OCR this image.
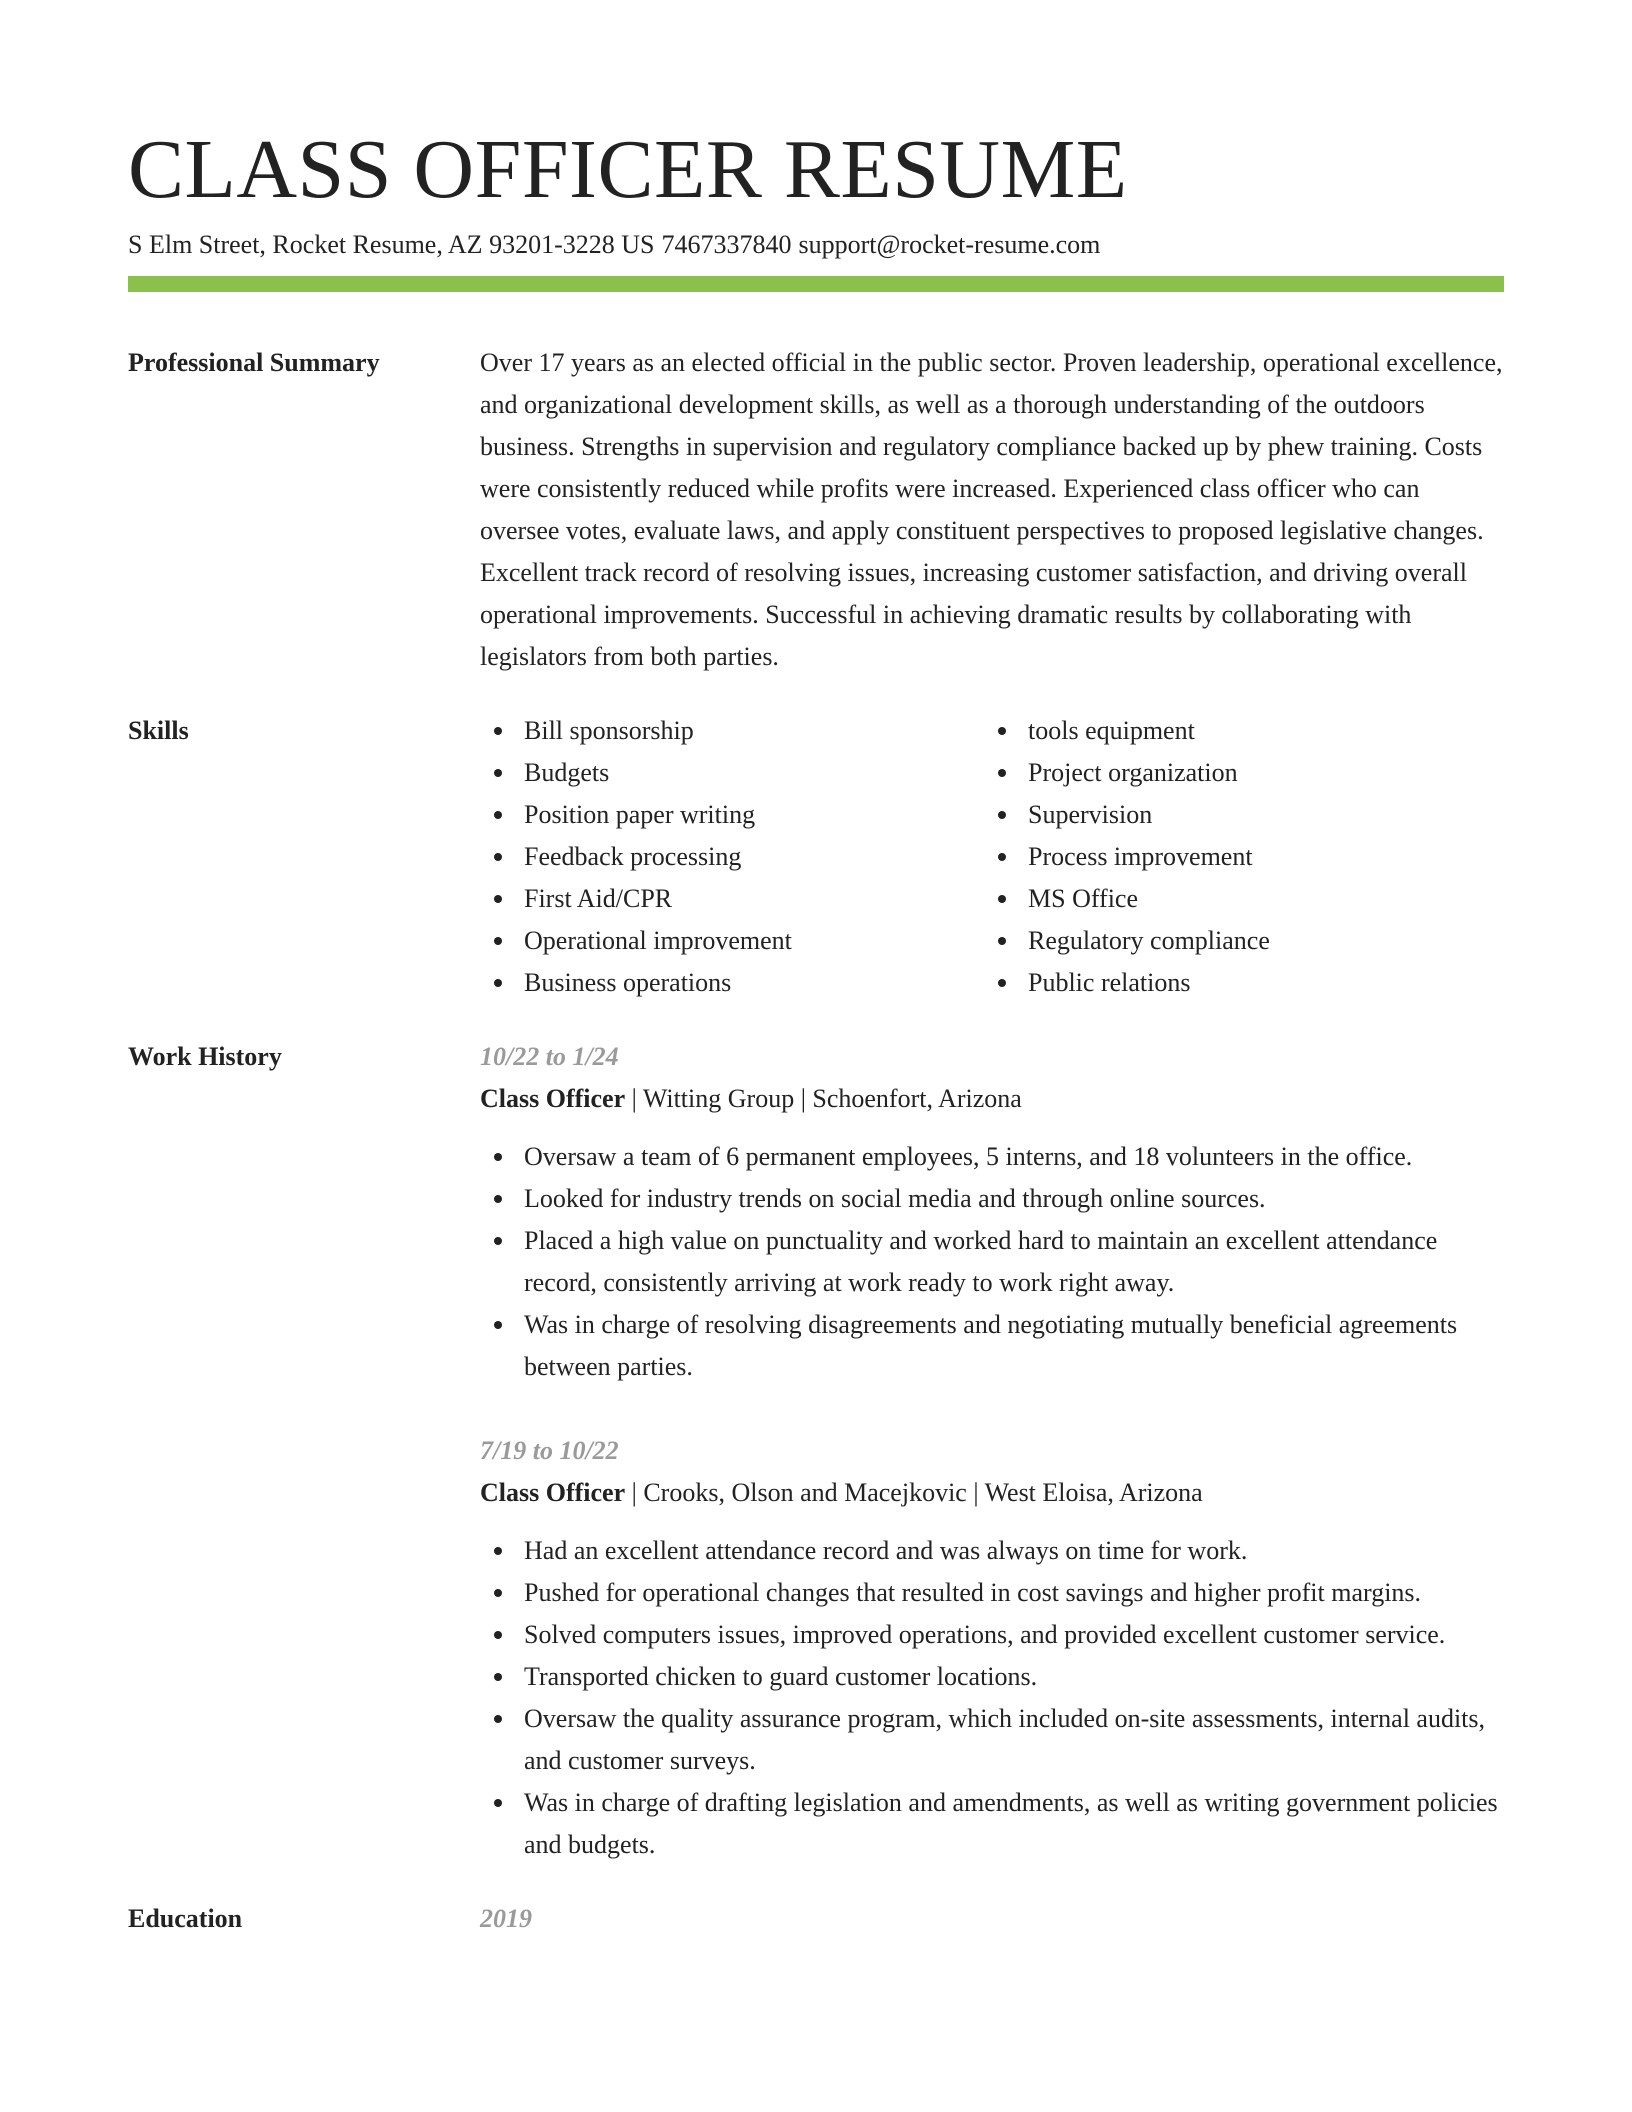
CLASS OFFICER RESUME
S Elm Street, Rocket Resume, AZ 93201-3228 US 7467337840 support@rocket-resume.com
Professional Summary	Over 17 years as an elected official in the public sector. Proven leadership, operational excellence, and organizational development skills, as well as a thorough understanding of the outdoors business. Strengths in supervision and regulatory compliance backed up by phew training. Costs were consistently reduced while profits were increased. Experienced class officer who can oversee votes, evaluate laws, and apply constituent perspectives to proposed legislative changes. Excellent track record of resolving issues, increasing customer satisfaction, and driving overall operational improvements. Successful in achieving dramatic results by collaborating with legislators from both parties.

Skills	Bill sponsorship
Budgets
Position paper writing
Feedback processing
First Aid/CPR
Operational improvement
Business operations
tools equipment
Project organization
Supervision
Process improvement
MS Office
Regulatory compliance
Public relations
Work History	10/22 to 1/24
Class Officer | Witting Group | Schoenfort, Arizona
Oversaw a team of 6 permanent employees, 5 interns, and 18 volunteers in the office.
Looked for industry trends on social media and through online sources.
Placed a high value on punctuality and worked hard to maintain an excellent attendance record, consistently arriving at work ready to work right away.
Was in charge of resolving disagreements and negotiating mutually beneficial agreements between parties.
7/19 to 10/22
Class Officer | Crooks, Olson and Macejkovic | West Eloisa, Arizona
Had an excellent attendance record and was always on time for work.
Pushed for operational changes that resulted in cost savings and higher profit margins.
Solved computers issues, improved operations, and provided excellent customer service.
Transported chicken to guard customer locations.
Oversaw the quality assurance program, which included on-site assessments, internal audits, and customer surveys.
Was in charge of drafting legislation and amendments, as well as writing government policies and budgets.
Education	2019
